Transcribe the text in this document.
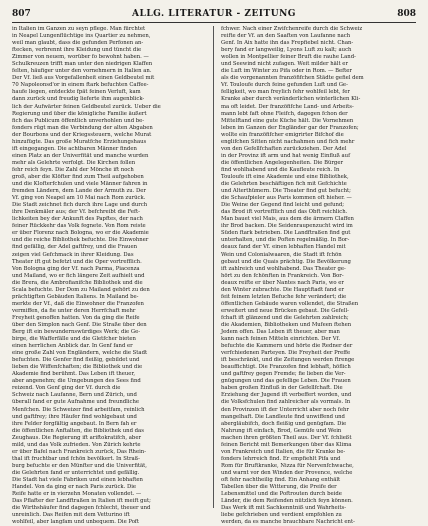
807	ALLG. LITERATUR - ZEITUNG	808
in Italien im Ganzen zu seyn pflege. Man fürchtet
in Neapel Lungenflüchtige ins Quartier zu nehmen,
weil man glaubt, dass die gefunden Perfonen an-
ftecken, verbrennt ihre Kleidung und tüncht die
Zimmer von neuem, worüber fo bewohnt haben. —
Schulkreuzen trifft man unter den niedrigen Klaffen
felten, häufiger unter den vornehmern in Italien an.
Der Vf. ließ aus Vorgefallenheit einen Geldbeutel mit
70 Napoleonsd'or in einem ftark befuchten Caffee-
haufe liegen, entdeckte fpät feinen Verluft, kam
dann zurück und freudig lieferte ihm augenblick-
lich der Aufwärter feinen Geldbeutel zurück. Ueber die
Regierung und über die königliche Familie äußert
fich das Publicum öffentlich unverhohlen und be-
fonders rügt man die Verbindung der alten Abgaben
der Bourbons und der Kriegssteuern, welche Murat
hinzufügte. Das große Muratfche Erziehungshaus
ift eingegangen. Die achtbaren Männer finden
einen Platz an der Univerfität und manche wurden
mehr als Gelehrte verfolgt. Die Kirchen follen
fehr reich feyn. Die Zahl der Mönche ift noch
groß, aber die Klöfter find zum Theil aufgehoben
und die Klofterfchulen und viele Männer fahren in
fremden Ländern, dem Lande der Armuth zu. Der
Vf. ging von Neapel am 10 Mai nach Rom zurück.
Die Stadt zeichnet fich durch ihre Lage und durch
ihre Denkmäler aus; der Vf. befchreibt die Feft-
lichkeiten bey der Ankunft des Papftes, der nach
feiner Rückkehr das Volk fegnete. Von Rom reiste
er über Florenz nach Bologna, wo er die Akademie
und die reiche Bibliothek befuchte. Die Einwohner
find gefällig, der Adel gaftfrey, und die Frauen
zeigen viel Gefchmack in ihrer Kleidung. Das
Theater ift gut befetzt und die Oper vortrefflich.
Von Bologna ging der Vf. nach Parma, Piacenza
und Mailand, wo er fich längere Zeit aufhielt und
die Brera, die Ambrofianifche Bibliothek und die
Scala befuchte. Der Dom zu Mailand gehört zu den
prächtigften Gebäuden Italiens. In Mailand be-
merkte der Vf., daß die Einwohner die Franzofen
vermiffen, da fie unter deren Herrfchaft mehr
Freyheit genoffen hatten. Von da ging die Reife
über den Simplon nach Genf. Die Straße über den
Berg ift ein bewundernswürdiges Werk; die Ge-
birge, die Wafferfälle und die Gletfcher bieten
einen herrlichen Anblick dar. In Genf fand er
eine große Zahl von Engländern, welche die Stadt
befuchten. Die Genfer find fleißig, gebildet und
lieben die Wiffenfchaften; die Bibliothek und die
Akademie find berühmt. Das Leben ift theuer,
aber angenehm; die Umgebungen des Sees find
reizend. Von Genf ging der Vf. durch die
Schweiz nach Laufanne, Bern und Zürich, und
überall fand er gute Aufnahme und freundliche
Menfchen. Die Schweizer find arbeitfam, reinlich
und gaftfrey; ihre Häufer find wohlgebaut und
ihre Felder forgfältig angebaut. In Bern fah er
die öffentlichen Anftalten, die Bibliothek und das
Zeughaus. Die Regierung ift ariftokratifch, aber
mild, und das Volk zufrieden. Von Zürich kehrte
er über Bafel nach Frankreich zurück, Das Rhein-
thal ift fruchtbar und fchön bevölkert. In Straß-
burg befuchte er den Münfter und die Univerfität,
die Gelehrten fand er unterrichtet und gefällig.
Die Stadt hat viele Fabriken und einen lebhaften
Handel. Von da ging er nach Paris zurück. Die
Reife hatte er in vierzehn Monaten vollendet. —
Das Pflafter der Landftraßen in Italien ift meift gut;
die Wirthshäufer find dagegen fchlecht, theuer und
unreinlich. Das Reifen mit dem Vetturino ift
wohlfeil, aber langfam und unbequem. Die Poft
fchwer. Nach einer Zwifchenreife durch die Schweiz
reifte der Vf. an den Saaften von Laufanne nach
Genf. In Aix hatte ihn das Frepfiebel nicht. Chan-
bery fand er langweilig, Lyons Luft zu kalt; auch
wollen in Montpellier feiner Bruft die rauhe Land-
und Seewind nicht zufagen. Weit milder hält er
die Luft im Winter zu Pifa oder in Rom. — Befter
als die vorgenannten franzöfifchen Städte gefiel dem
Vf. Touloufe durch feine gefunden Luft und Ge-
felligkeit, wo man freylich fehr wohlfeil lebt, fer
Kranke aber durch veränderlichen winterlichen Kli-
ma oft leidet. Der franzöfifche Land- und Arbeits-
mann lebt faft ohne Fleifch, dagegen fchon der
Mittelftand eine gute Küche hält. Die Vornehmen
leben im Ganzen der Engländer gar der Franzofen;
wollte ein franzöfifcher emigrirter Bifchof die
englifchen Sitten nicht nachahmen und fich mehr
von den Gefellfchaften zurückziehen. Der Adel
in der Provinz ift arm und hat wenig Einfluß auf
die öffentlichen Angelegenheiten. Die Bürger
find wohlhabend und die Kaufleute reich. In
Touloufe ift eine Akademie und eine Bibliothek,
die Gelehrten beschäftigen fich mit Gefchichte
und Alterthümern. Die Theater find gut befucht;
die Schaufpieler aus Paris kommen oft hieher. —
Die Weine der Gegend find leicht und gefund;
das Brod ift vortrefflich und das Obft reichlich.
Man bauet viel Mais, aus dem die ärmern Claffen
ihr Brod backen. Die Seidenraupenzucht wird im
Süden ftark betrieben. Die Landftraßen find gut
unterhalten, und die Poften regelmäßig. In Bor-
deaux fand der Vf. einen lebhaften Handel mit
Wein und Colonialwaaren, die Stadt ift fchön
gebaut und die Quais prächtig. Die Bevölkerung
ift zahlreich und wohlhabend. Das Theater ge-
hört zu den fchönften in Frankreich. Von Bor-
deaux reifte er über Nantes nach Paris, wo er
den Winter zubrachte. Die Hauptftadt fand er
feit feinem letzten Befuche fehr verändert; die
öffentlichen Gebäude waren vollendet, die Straßen
erweitert und neue Brücken gebaut. Die Gefell-
fchaft ift glänzend und die Gelehrten zahlreich;
die Akademien, Bibliotheken und Mufeen ftehen
Jedem offen. Das Leben ift theuer, aber man
kann nach feinen Mitteln einrichten. Der Vf.
befuchte die Kammern und hörte die Redner der
verfchiedenen Parteyen. Die Freyheit der Preffe
ift beschränkt, und die Zeitungen werden ftrenge
beauffichtigt. Die Franzofen find lebhaft, höflich
und gaftfrey gegen Fremde; fie lieben die Ver-
gnügungen und das gefellige Leben. Die Frauen
haben großen Einfluß in der Gefellfchaft. Die
Erziehung der Jugend ift verbeffert worden, und
die Volksfchulen find zahlreicher als vormals. In
den Provinzen ift der Unterricht aber noch fehr
mangelhaft. Die Landleute find unwiffend und
abergläubifch, doch fleißig und genügfam. Die
Nahrung ift einfach, Brod, Gemüfe und Wein
machen ihren größten Theil aus. Der Vf. fchließt
feinen Bericht mit Bemerkungen über das Klima
von Frankreich und Italien, die für Kranke be-
fonders lehrreich find. Er empfiehlt Pifa und
Rom für Bruftkranke, Nizza für Nervenfchwache,
und warnt vor den Winden der Provence, welche
oft fehr nachtheilig find. Ein Anhang enthält
Tabellen über die Witterung, die Preife der
Lebensmittel und die Poftrouten durch beide
Länder, die dem Reifenden nützlich feyn können.
Das Werk ift mit Sachkenntniß und Wahrheits-
liebe gefchrieben und verdient empfohlen zu
werden, da es manche brauchbare Nachricht ent-
